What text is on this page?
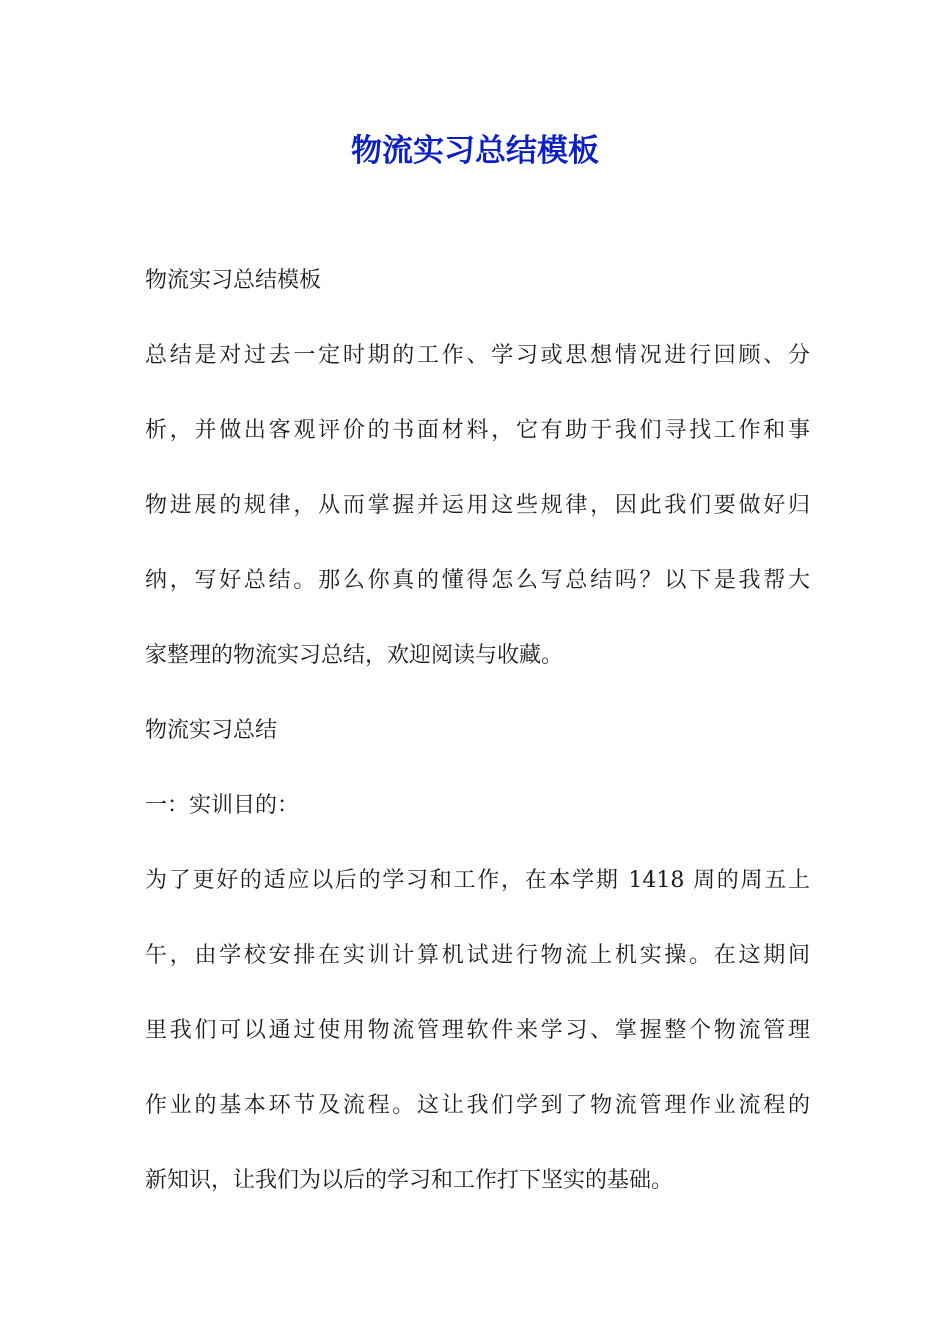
物流实习总结模板
物流实习总结模板
总结是对过去一定时期的工作、学习或思想情况进行回顾、分
析，并做出客观评价的书面材料，它有助于我们寻找工作和事
物进展的规律，从而掌握并运用这些规律，因此我们要做好归
纳，写好总结。那么你真的懂得怎么写总结吗？以下是我帮大
家整理的物流实习总结，欢迎阅读与收藏。
物流实习总结
一：实训目的：
为了更好的适应以后的学习和工作，在本学期 1418 周的周五上
午，由学校安排在实训计算机试进行物流上机实操。在这期间
里我们可以通过使用物流管理软件来学习、掌握整个物流管理
作业的基本环节及流程。这让我们学到了物流管理作业流程的
新知识，让我们为以后的学习和工作打下坚实的基础。
